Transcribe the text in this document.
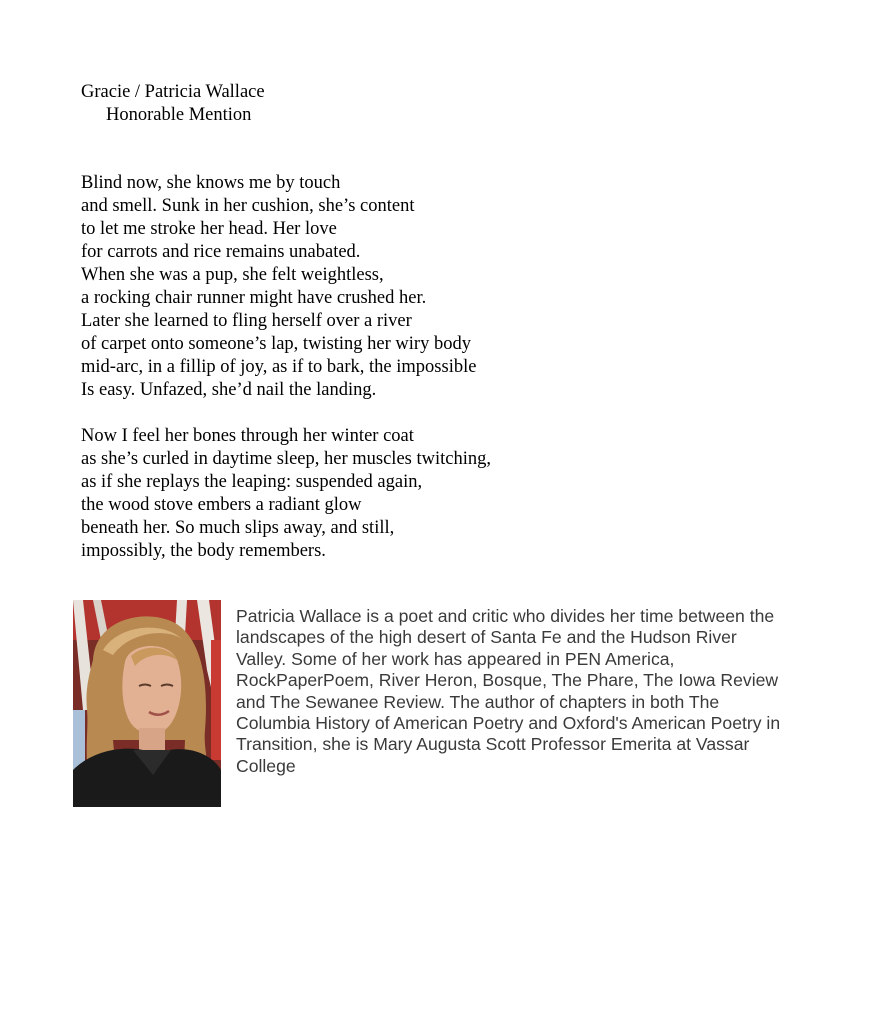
Gracie / Patricia Wallace
Honorable Mention
Blind now, she knows me by touch
and smell. Sunk in her cushion, she’s content
to let me stroke her head. Her love
for carrots and rice remains unabated.
When she was a pup, she felt weightless,
a rocking chair runner might have crushed her.
Later she learned to fling herself over a river
of carpet onto someone’s lap, twisting her wiry body
mid-arc, in a fillip of joy, as if to bark, the impossible
Is easy. Unfazed, she’d nail the landing.
Now I feel her bones through her winter coat
as she’s curled in daytime sleep, her muscles twitching,
as if she replays the leaping: suspended again,
the wood stove embers a radiant glow
beneath her. So much slips away, and still,
impossibly, the body remembers.
Patricia Wallace is a poet and critic who divides her time between the landscapes of the high desert of Santa Fe and the Hudson River Valley. Some of her work has appeared in PEN America, RockPaperPoem, River Heron, Bosque, The Phare, The Iowa Review and The Sewanee Review. The author of chapters in both The Columbia History of American Poetry and Oxford's American Poetry in Transition, she is Mary Augusta Scott Professor Emerita at Vassar College
